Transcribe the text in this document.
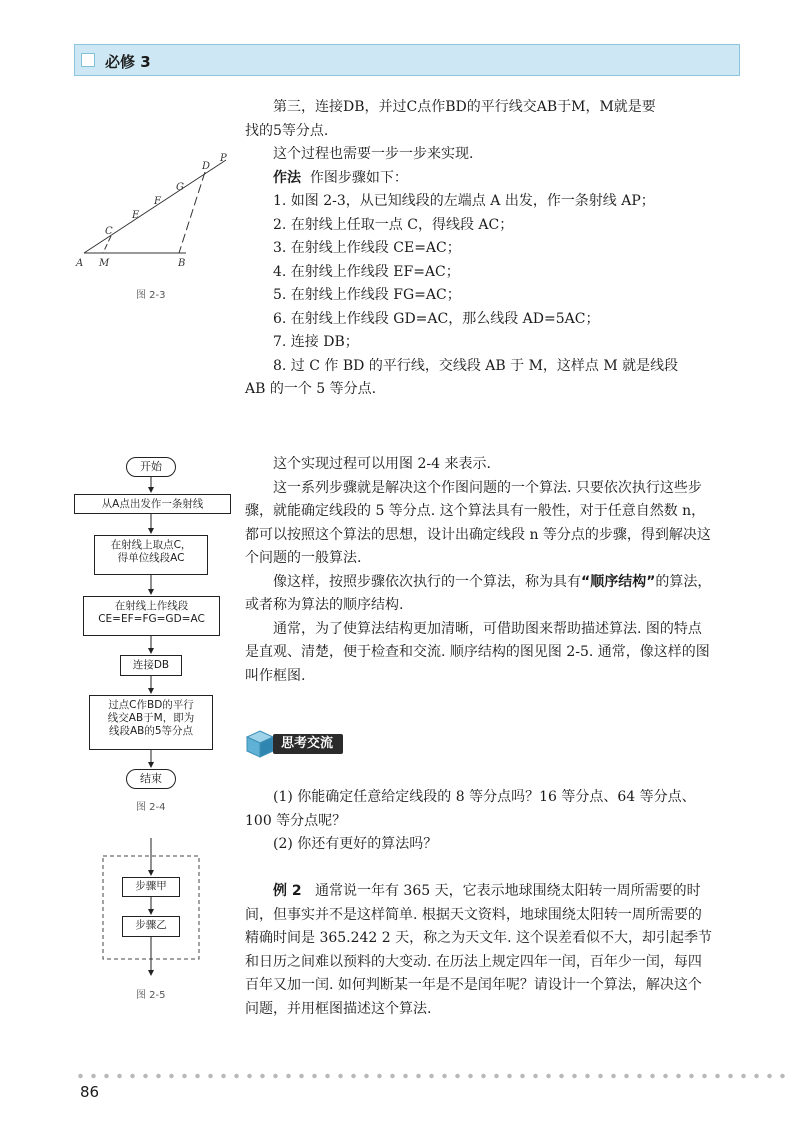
必修 3

第三，连接DB，并过C点作BD的平行线交AB于M，M就是要

找的5等分点.

这个过程也需要一步一步来实现.

作法 作图步骤如下：

1. 如图 2-3，从已知线段的左端点 A 出发，作一条射线 AP；

2. 在射线上任取一点 C，得线段 AC；

3. 在射线上作线段 CE=AC；

4. 在射线上作线段 EF=AC；

5. 在射线上作线段 FG=AC；

6. 在射线上作线段 GD=AC，那么线段 AD=5AC；

7. 连接 DB；

8. 过 C 作 BD 的平行线，交线段 AB 于 M，这样点 M 就是线段

AB 的一个 5 等分点.

A M	B
C
E
F
G
D
P
图 2-3
开始
从A点出发作一条射线
在射线上取点C，
得单位线段AC
在射线上作线段
CE=EF=FG=GD=AC
连接DB
过点C作BD的平行
线交AB于M，即为
线段AB的5等分点
结束
图 2-4

这个实现过程可以用图 2-4 来表示.

这一系列步骤就是解决这个作图问题的一个算法. 只要依次执行这些步骤，就能确定线段的 5 等分点. 这个算法具有一般性，对于任意自然数 n，都可以按照这个算法的思想，设计出确定线段 n 等分点的步骤，得到解决这个问题的一般算法.

像这样，按照步骤依次执行的一个算法，称为具有“顺序结构”的算法，或者称为算法的顺序结构.

通常，为了使算法结构更加清晰，可借助图来帮助描述算法. 图的特点是直观、清楚，便于检查和交流. 顺序结构的图见图 2-5. 通常，像这样的图叫作框图.

思考交流

(1) 你能确定任意给定线段的 8 等分点吗？16 等分点、64 等分点、100 等分点呢？

(2) 你还有更好的算法吗？

步骤甲
步骤乙
图 2-5

例 2 通常说一年有 365 天，它表示地球围绕太阳转一周所需要的时间，但事实并不是这样简单. 根据天文资料，地球围绕太阳转一周所需要的精确时间是 365.242 2 天，称之为天文年. 这个误差看似不大，却引起季节和日历之间难以预料的大变动. 在历法上规定四年一闰，百年少一闰，每四百年又加一闰. 如何判断某一年是不是闰年呢？请设计一个算法，解决这个问题，并用框图描述这个算法.

86
